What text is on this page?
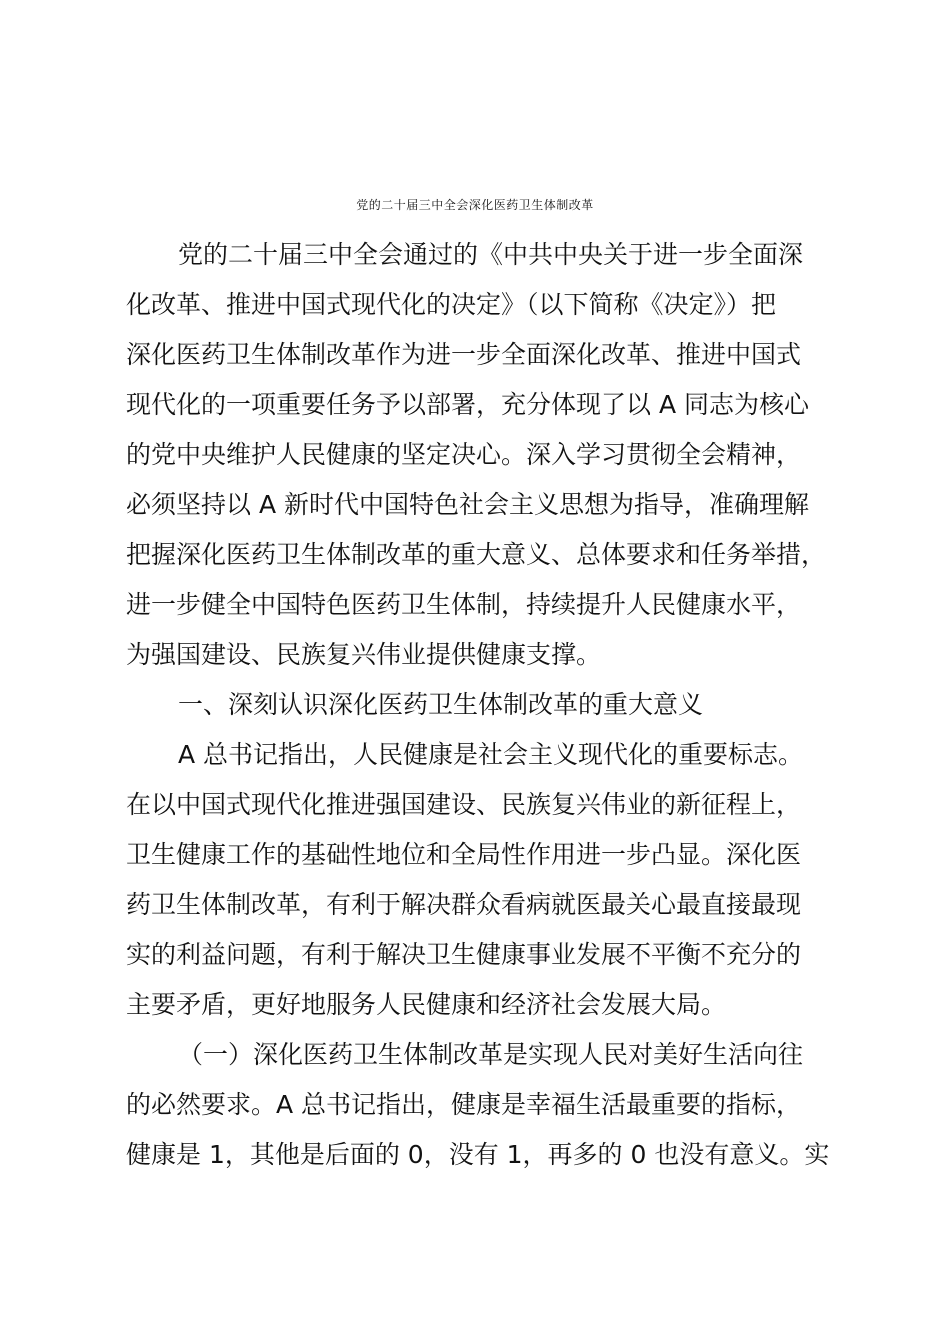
党的二十届三中全会深化医药卫生体制改革

党的二十届三中全会通过的《中共中央关于进一步全面深

化改革、推进中国式现代化的决定》（以下简称《决定》）把

深化医药卫生体制改革作为进一步全面深化改革、推进中国式

现代化的一项重要任务予以部署，充分体现了以 A 同志为核心

的党中央维护人民健康的坚定决心。深入学习贯彻全会精神，

必须坚持以 A 新时代中国特色社会主义思想为指导，准确理解

把握深化医药卫生体制改革的重大意义、总体要求和任务举措，

进一步健全中国特色医药卫生体制，持续提升人民健康水平，

为强国建设、民族复兴伟业提供健康支撑。

一、深刻认识深化医药卫生体制改革的重大意义

A 总书记指出，人民健康是社会主义现代化的重要标志。

在以中国式现代化推进强国建设、民族复兴伟业的新征程上，

卫生健康工作的基础性地位和全局性作用进一步凸显。深化医

药卫生体制改革，有利于解决群众看病就医最关心最直接最现

实的利益问题，有利于解决卫生健康事业发展不平衡不充分的

主要矛盾，更好地服务人民健康和经济社会发展大局。

（一）深化医药卫生体制改革是实现人民对美好生活向往

的必然要求。A 总书记指出，健康是幸福生活最重要的指标，

健康是 1，其他是后面的 0，没有 1，再多的 0 也没有意义。实
